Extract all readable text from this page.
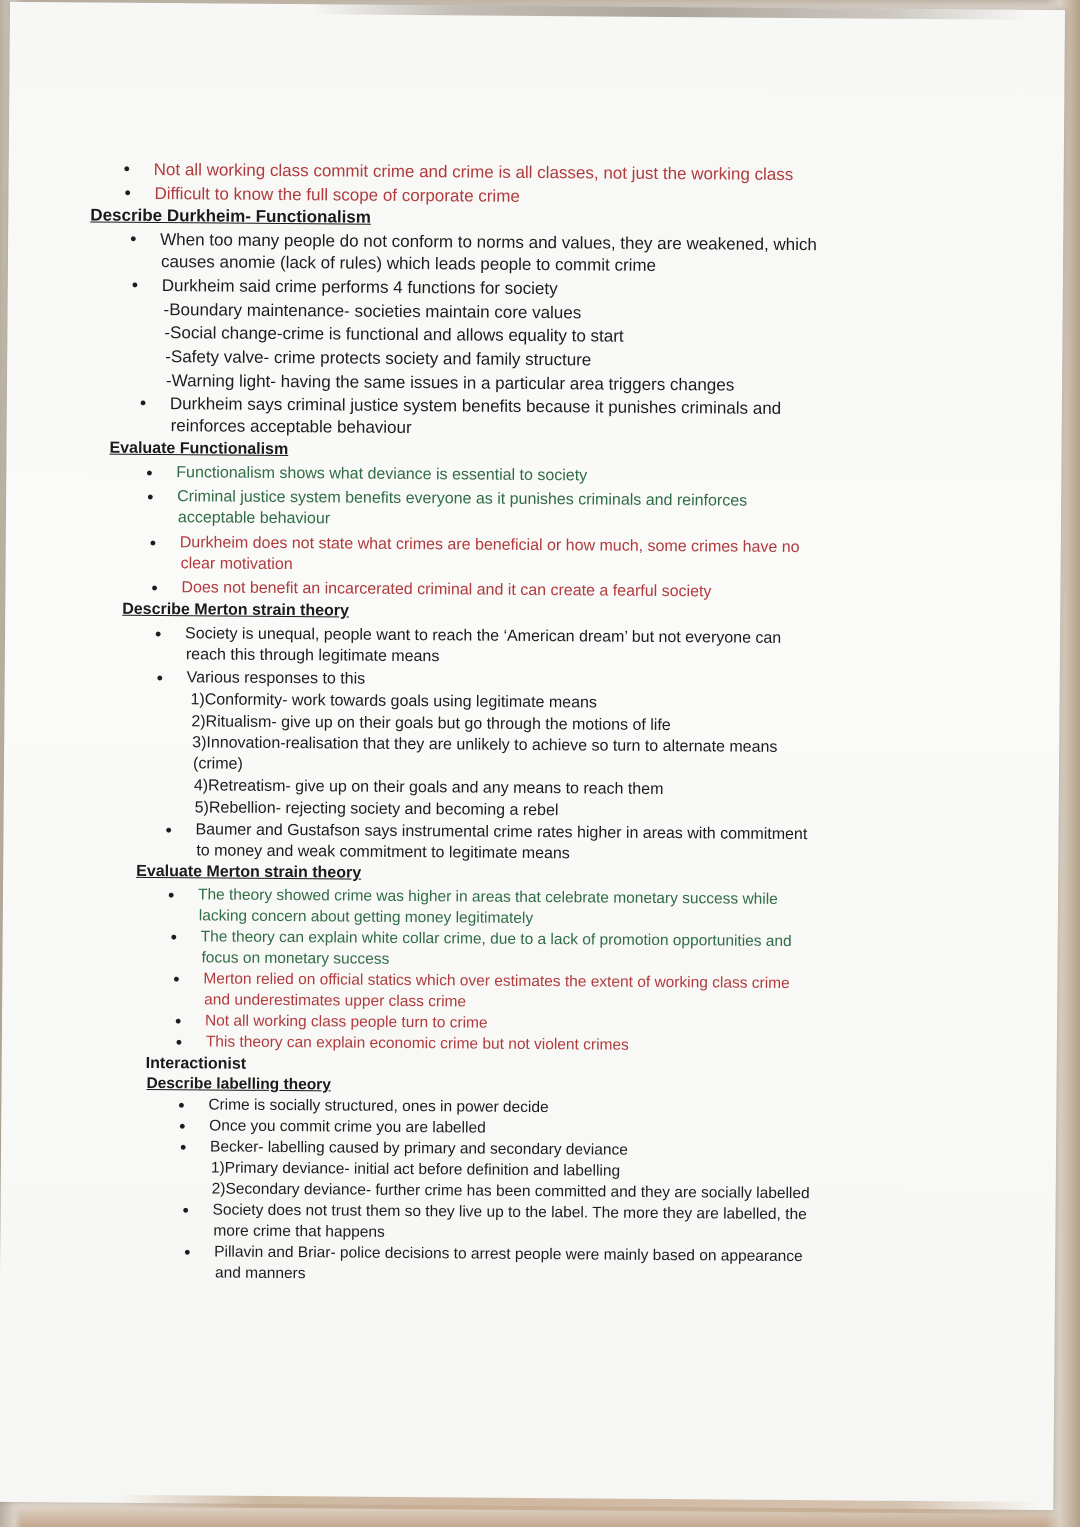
• Not all working class commit crime and crime is all classes, not just the working class
• Difficult to know the full scope of corporate crime
Describe Durkheim- Functionalism
• When too many people do not conform to norms and values, they are weakened, which
causes anomie (lack of rules) which leads people to commit crime
• Durkheim said crime performs 4 functions for society
-Boundary maintenance- societies maintain core values
-Social change-crime is functional and allows equality to start
-Safety valve- crime protects society and family structure
-Warning light- having the same issues in a particular area triggers changes
• Durkheim says criminal justice system benefits because it punishes criminals and
reinforces acceptable behaviour
Evaluate Functionalism
• Functionalism shows what deviance is essential to society
• Criminal justice system benefits everyone as it punishes criminals and reinforces
acceptable behaviour
• Durkheim does not state what crimes are beneficial or how much, some crimes have no
clear motivation
• Does not benefit an incarcerated criminal and it can create a fearful society
Describe Merton strain theory
• Society is unequal, people want to reach the ‘American dream’ but not everyone can
reach this through legitimate means
• Various responses to this
1)Conformity- work towards goals using legitimate means
2)Ritualism- give up on their goals but go through the motions of life
3)Innovation-realisation that they are unlikely to achieve so turn to alternate means
(crime)
4)Retreatism- give up on their goals and any means to reach them
5)Rebellion- rejecting society and becoming a rebel
• Baumer and Gustafson says instrumental crime rates higher in areas with commitment
to money and weak commitment to legitimate means
Evaluate Merton strain theory
• The theory showed crime was higher in areas that celebrate monetary success while
lacking concern about getting money legitimately
• The theory can explain white collar crime, due to a lack of promotion opportunities and
focus on monetary success
• Merton relied on official statics which over estimates the extent of working class crime
and underestimates upper class crime
• Not all working class people turn to crime
• This theory can explain economic crime but not violent crimes
Interactionist
Describe labelling theory
• Crime is socially structured, ones in power decide
• Once you commit crime you are labelled
• Becker- labelling caused by primary and secondary deviance
1)Primary deviance- initial act before definition and labelling
2)Secondary deviance- further crime has been committed and they are socially labelled
• Society does not trust them so they live up to the label. The more they are labelled, the
more crime that happens
• Pillavin and Briar- police decisions to arrest people were mainly based on appearance
and manners
